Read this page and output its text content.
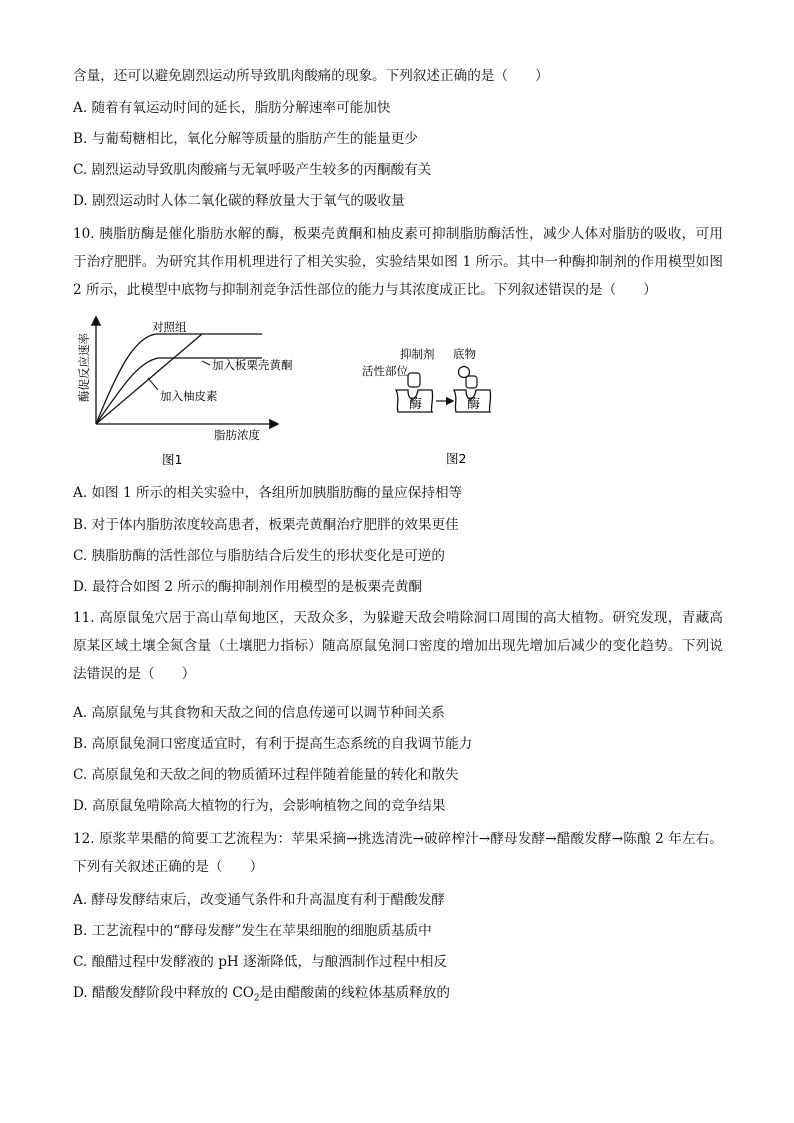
含量，还可以避免剧烈运动所导致肌肉酸痛的现象。下列叙述正确的是（　　）
A. 随着有氧运动时间的延长，脂肪分解速率可能加快
B. 与葡萄糖相比，氧化分解等质量的脂肪产生的能量更少
C. 剧烈运动导致肌肉酸痛与无氧呼吸产生较多的丙酮酸有关
D. 剧烈运动时人体二氧化碳的释放量大于氧气的吸收量
10. 胰脂肪酶是催化脂肪水解的酶，板栗壳黄酮和柚皮素可抑制脂肪酶活性，减少人体对脂肪的吸收，可用于治疗肥胖。为研究其作用机理进行了相关实验，实验结果如图 1 所示。其中一种酶抑制剂的作用模型如图 2 所示，此模型中底物与抑制剂竞争活性部位的能力与其浓度成正比。下列叙述错误的是（　　）
酶促反应速率
脂肪浓度
对照组
加入板栗壳黄酮
加入柚皮素
图1
抑制剂 底物
活性部位
酶	酶
图2
A. 如图 1 所示的相关实验中，各组所加胰脂肪酶的量应保持相等
B. 对于体内脂肪浓度较高患者，板栗壳黄酮治疗肥胖的效果更佳
C. 胰脂肪酶的活性部位与脂肪结合后发生的形状变化是可逆的
D. 最符合如图 2 所示的酶抑制剂作用模型的是板栗壳黄酮
11. 高原鼠兔穴居于高山草甸地区，天敌众多，为躲避天敌会啃除洞口周围的高大植物。研究发现，青藏高原某区域土壤全氮含量（土壤肥力指标）随高原鼠兔洞口密度的增加出现先增加后减少的变化趋势。下列说法错误的是（　　）
A. 高原鼠兔与其食物和天敌之间的信息传递可以调节种间关系
B. 高原鼠兔洞口密度适宜时，有利于提高生态系统的自我调节能力
C. 高原鼠兔和天敌之间的物质循环过程伴随着能量的转化和散失
D. 高原鼠兔啃除高大植物的行为，会影响植物之间的竞争结果
12. 原浆苹果醋的简要工艺流程为：苹果采摘→挑选清洗→破碎榨汁→酵母发酵→醋酸发酵→陈酿 2 年左右。下列有关叙述正确的是（　　）
A. 酵母发酵结束后，改变通气条件和升高温度有利于醋酸发酵
B. 工艺流程中的“酵母发酵”发生在苹果细胞的细胞质基质中
C. 酿醋过程中发酵液的 pH 逐渐降低，与酿酒制作过程中相反
D. 醋酸发酵阶段中释放的 $CO_2$是由醋酸菌的线粒体基质释放的
